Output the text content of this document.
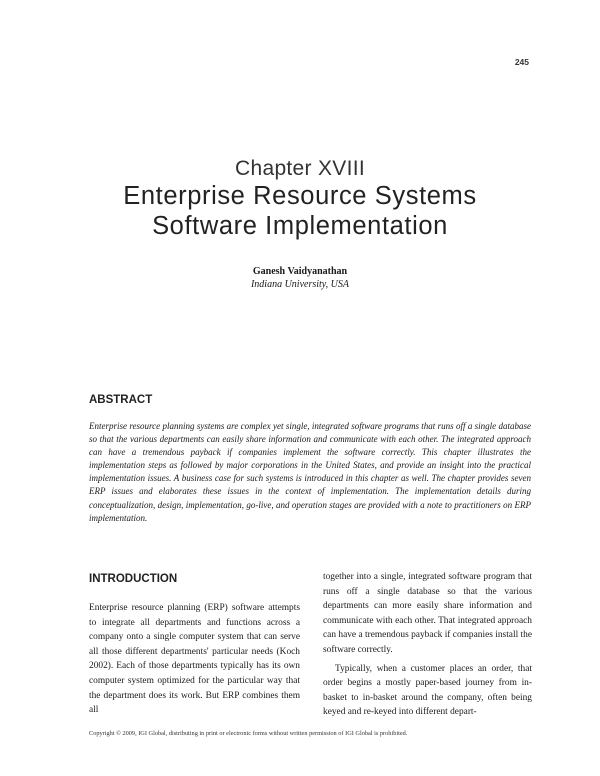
245
Chapter XVIII
Enterprise Resource Systems
Software Implementation
Ganesh Vaidyanathan
Indiana University, USA
ABSTRACT

Enterprise resource planning systems are complex yet single, integrated software programs that runs off a single database so that the various departments can easily share information and communicate with each other. The integrated approach can have a tremendous payback if companies implement the software correctly. This chapter illustrates the implementation steps as followed by major corporations in the United States, and provide an insight into the practical implementation issues. A business case for such systems is introduced in this chapter as well. The chapter provides seven ERP issues and elaborates these issues in the context of implementation. The implementation details during conceptualization, design, implementation, go-live, and operation stages are provided with a note to practitioners on ERP implementation.

INTRODUCTION

Enterprise resource planning (ERP) software attempts to integrate all departments and functions across a company onto a single computer system that can serve all those different departments' particular needs (Koch 2002). Each of those departments typically has its own computer system optimized for the particular way that the department does its work. But ERP combines them all

together into a single, integrated software program that runs off a single database so that the various departments can more easily share information and communicate with each other. That integrated approach can have a tremendous payback if companies install the software correctly.

Typically, when a customer places an order, that order begins a mostly paper-based journey from in-basket to in-basket around the company, often being keyed and re-keyed into different depart-

Copyright © 2009, IGI Global, distributing in print or electronic forms without written permission of IGI Global is prohibited.
